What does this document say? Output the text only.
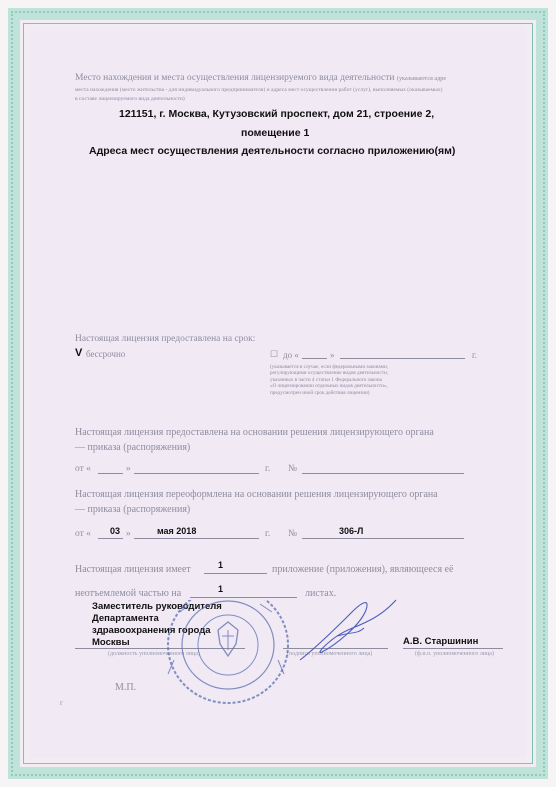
Место нахождения и места осуществления лицензируемого вида деятельности (указываются адре
места нахождения (место жительства - для индивидуального предпринимателя) и адреса мест осуществления работ (услуг), выполняемых (оказываемых)
в составе лицензируемого вида деятельности)
121151, г. Москва, Кутузовский проспект, дом 21, строение 2,
помещение 1
Адреса мест осуществления деятельности согласно приложению(ям)
Настоящая лицензия предоставлена на срок:
V бессрочно	☐ до «	»	г.
(указывается в случае, если федеральными законами,
регулирующими осуществление видов деятельности,
указанных в части 4 статьи 1 Федерального закона
«О лицензировании отдельных видов деятельности»,
предусмотрен иной срок действия лицензии)
Настоящая лицензия предоставлена на основании решения лицензирующего органа
— приказа (распоряжения)
от «	»	г. №
Настоящая лицензия переоформлена на основании решения лицензирующего органа
— приказа (распоряжения)
от « 03 »	мая 2018	г. №	306-Л
Настоящая лицензия имеет	1	приложение (приложения), являющееся её
неотъемлемой частью на	1	листах.
Заместитель руководителя
Департамента
здравоохранения города
Москвы	А.В. Старшинин
(должность уполномоченного лица)	(подпись уполномоченного лица)	(ф.и.о. уполномоченного лица)
М.П.
г
